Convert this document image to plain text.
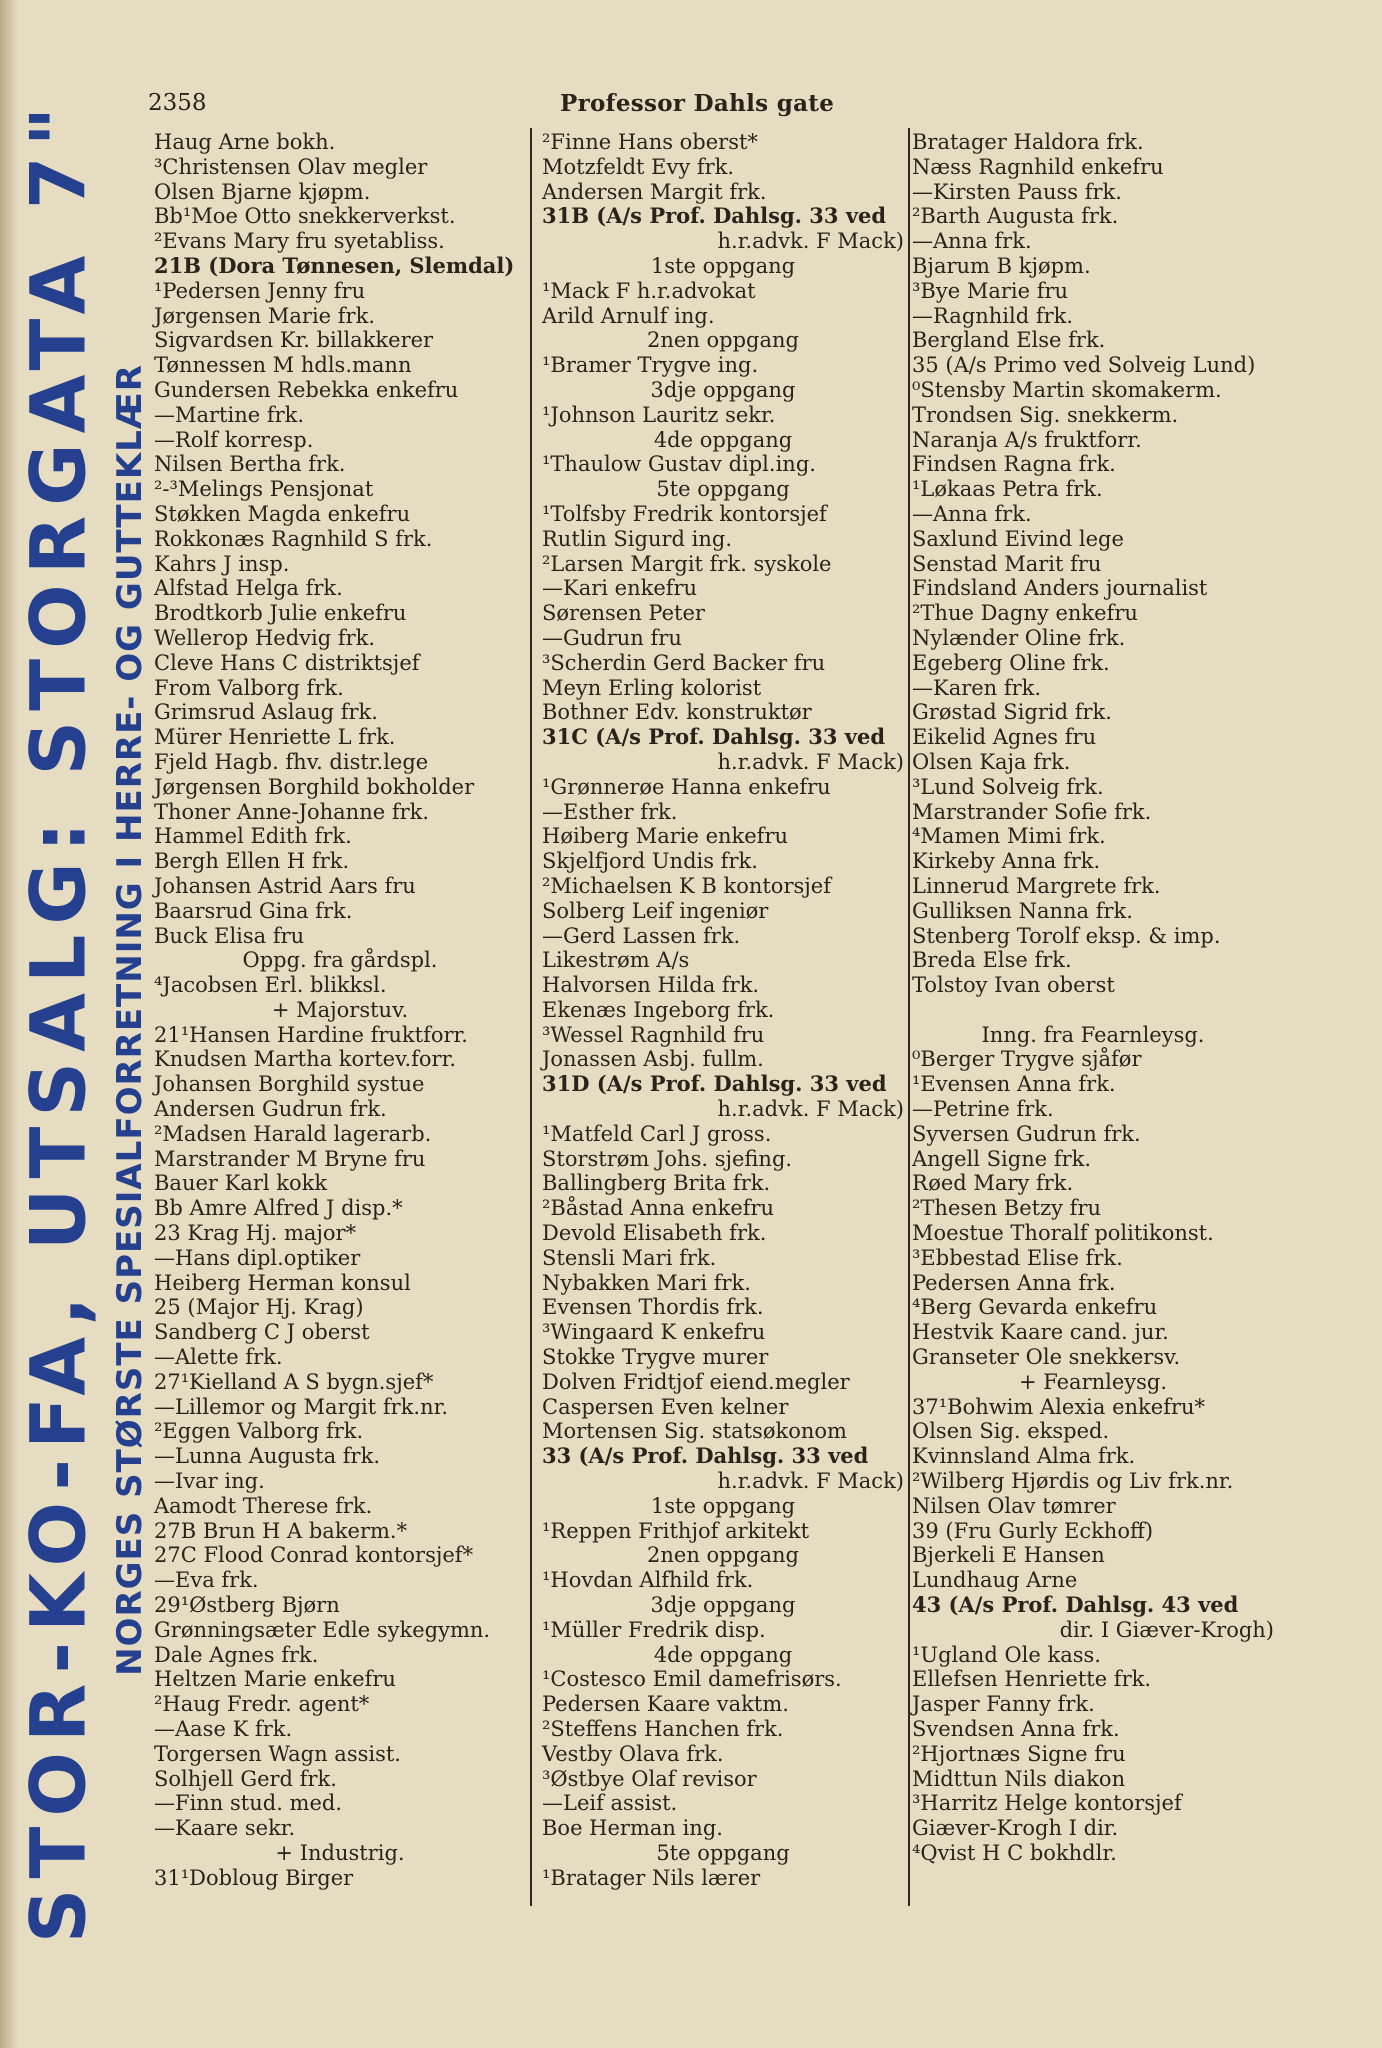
2358	Professor Dahls gate
STOR-KO-FA, UTSALG: STORGATA 7" NORGES STØRSTE SPESIALFORRETNING I HERRE- OG GUTTEKLÆR
Haug Arne bokh.
³Christensen Olav megler
Olsen Bjarne kjøpm.
Bb¹Moe Otto snekkerverkst.
²Evans Mary fru syetabliss.
21B (Dora Tønnesen, Slemdal)
¹Pedersen Jenny fru
Jørgensen Marie frk.
Sigvardsen Kr. billakkerer
Tønnessen M hdls.mann
Gundersen Rebekka enkefru
—Martine frk.
—Rolf korresp.
Nilsen Bertha frk.
²-³Melings Pensjonat
Støkken Magda enkefru
Rokkonæs Ragnhild S frk.
Kahrs J insp.
Alfstad Helga frk.
Brodtkorb Julie enkefru
Wellerop Hedvig frk.
Cleve Hans C distriktsjef
From Valborg frk.
Grimsrud Aslaug frk.
Mürer Henriette L frk.
Fjeld Hagb. fhv. distr.lege
Jørgensen Borghild bokholder
Thoner Anne-Johanne frk.
Hammel Edith frk.
Bergh Ellen H frk.
Johansen Astrid Aars fru
Baarsrud Gina frk.
Buck Elisa fru
Oppg. fra gårdspl.
⁴Jacobsen Erl. blikksl.
+ Majorstuv.
21¹Hansen Hardine fruktforr.
Knudsen Martha kortev.forr.
Johansen Borghild systue
Andersen Gudrun frk.
²Madsen Harald lagerarb.
Marstrander M Bryne fru
Bauer Karl kokk
Bb Amre Alfred J disp.*
23 Krag Hj. major*
—Hans dipl.optiker
Heiberg Herman konsul
25 (Major Hj. Krag)
Sandberg C J oberst
—Alette frk.
27¹Kielland A S bygn.sjef*
—Lillemor og Margit frk.nr.
²Eggen Valborg frk.
—Lunna Augusta frk.
—Ivar ing.
Aamodt Therese frk.
27B Brun H A bakerm.*
27C Flood Conrad kontorsjef*
—Eva frk.
29¹Østberg Bjørn
Grønningsæter Edle sykegymn.
Dale Agnes frk.
Heltzen Marie enkefru
²Haug Fredr. agent*
—Aase K frk.
Torgersen Wagn assist.
Solhjell Gerd frk.
—Finn stud. med.
—Kaare sekr.
+ Industrig.
31¹Dobloug Birger
²Finne Hans oberst*
Motzfeldt Evy frk.
Andersen Margit frk.
31B (A/s Prof. Dahlsg. 33 ved
h.r.advk. F Mack)
1ste oppgang
¹Mack F h.r.advokat
Arild Arnulf ing.
2nen oppgang
¹Bramer Trygve ing.
3dje oppgang
¹Johnson Lauritz sekr.
4de oppgang
¹Thaulow Gustav dipl.ing.
5te oppgang
¹Tolfsby Fredrik kontorsjef
Rutlin Sigurd ing.
²Larsen Margit frk. syskole
—Kari enkefru
Sørensen Peter
—Gudrun fru
³Scherdin Gerd Backer fru
Meyn Erling kolorist
Bothner Edv. konstruktør
31C (A/s Prof. Dahlsg. 33 ved
h.r.advk. F Mack)
¹Grønnerøe Hanna enkefru
—Esther frk.
Høiberg Marie enkefru
Skjelfjord Undis frk.
²Michaelsen K B kontorsjef
Solberg Leif ingeniør
—Gerd Lassen frk.
Likestrøm A/s
Halvorsen Hilda frk.
Ekenæs Ingeborg frk.
³Wessel Ragnhild fru
Jonassen Asbj. fullm.
31D (A/s Prof. Dahlsg. 33 ved
h.r.advk. F Mack)
¹Matfeld Carl J gross.
Storstrøm Johs. sjefing.
Ballingberg Brita frk.
²Båstad Anna enkefru
Devold Elisabeth frk.
Stensli Mari frk.
Nybakken Mari frk.
Evensen Thordis frk.
³Wingaard K enkefru
Stokke Trygve murer
Dolven Fridtjof eiend.megler
Caspersen Even kelner
Mortensen Sig. statsøkonom
33 (A/s Prof. Dahlsg. 33 ved
h.r.advk. F Mack)
1ste oppgang
¹Reppen Frithjof arkitekt
2nen oppgang
¹Hovdan Alfhild frk.
3dje oppgang
¹Müller Fredrik disp.
4de oppgang
¹Costesco Emil damefrisørs.
Pedersen Kaare vaktm.
²Steffens Hanchen frk.
Vestby Olava frk.
³Østbye Olaf revisor
—Leif assist.
Boe Herman ing.
5te oppgang
¹Bratager Nils lærer
Bratager Haldora frk.
Næss Ragnhild enkefru
—Kirsten Pauss frk.
²Barth Augusta frk.
—Anna frk.
Bjarum B kjøpm.
³Bye Marie fru
—Ragnhild frk.
Bergland Else frk.
35 (A/s Primo ved Solveig Lund)
⁰Stensby Martin skomakerm.
Trondsen Sig. snekkerm.
Naranja A/s fruktforr.
Findsen Ragna frk.
¹Løkaas Petra frk.
—Anna frk.
Saxlund Eivind lege
Senstad Marit fru
Findsland Anders journalist
²Thue Dagny enkefru
Nylænder Oline frk.
Egeberg Oline frk.
—Karen frk.
Grøstad Sigrid frk.
Eikelid Agnes fru
Olsen Kaja frk.
³Lund Solveig frk.
Marstrander Sofie frk.
⁴Mamen Mimi frk.
Kirkeby Anna frk.
Linnerud Margrete frk.
Gulliksen Nanna frk.
Stenberg Torolf eksp. & imp.
Breda Else frk.
Tolstoy Ivan oberst
Inng. fra Fearnleysg.
⁰Berger Trygve sjåfør
¹Evensen Anna frk.
—Petrine frk.
Syversen Gudrun frk.
Angell Signe frk.
Røed Mary frk.
²Thesen Betzy fru
Moestue Thoralf politikonst.
³Ebbestad Elise frk.
Pedersen Anna frk.
⁴Berg Gevarda enkefru
Hestvik Kaare cand. jur.
Granseter Ole snekkersv.
+ Fearnleysg.
37¹Bohwim Alexia enkefru*
Olsen Sig. eksped.
Kvinnsland Alma frk.
²Wilberg Hjørdis og Liv frk.nr.
Nilsen Olav tømrer
39 (Fru Gurly Eckhoff)
Bjerkeli E Hansen
Lundhaug Arne
43 (A/s Prof. Dahlsg. 43 ved
dir. I Giæver-Krogh)
¹Ugland Ole kass.
Ellefsen Henriette frk.
Jasper Fanny frk.
Svendsen Anna frk.
²Hjortnæs Signe fru
Midttun Nils diakon
³Harritz Helge kontorsjef
Giæver-Krogh I dir.
⁴Qvist H C bokhdlr.
